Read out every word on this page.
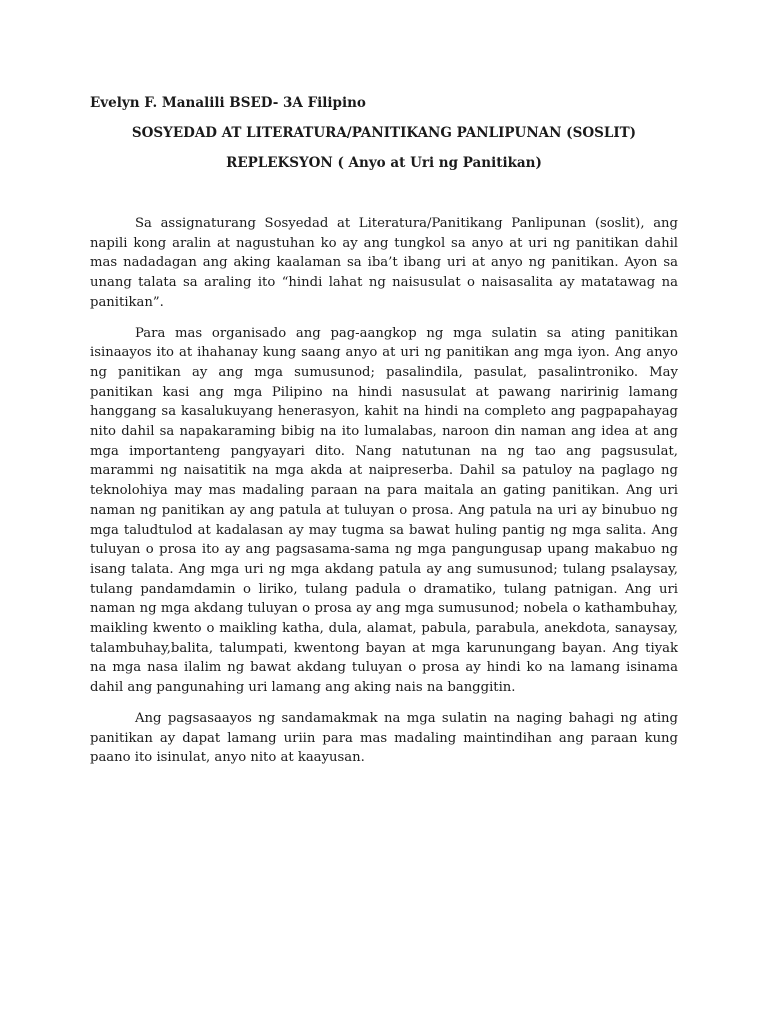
Evelyn F. Manalili BSED- 3A Filipino

SOSYEDAD AT LITERATURA/PANITIKANG PANLIPUNAN (SOSLIT)

REPLEKSYON ( Anyo at Uri ng Panitikan)

Sa assignaturang Sosyedad at Literatura/Panitikang Panlipunan (soslit), ang napili kong aralin at nagustuhan ko ay ang tungkol sa anyo at uri ng panitikan dahil mas nadadagan ang aking kaalaman sa iba’t ibang uri at anyo ng panitikan. Ayon sa unang talata sa araling ito “hindi lahat ng naisusulat o naisasalita ay matatawag na panitikan”.

Para mas organisado ang pag-aangkop ng mga sulatin sa ating panitikan isinaayos ito at ihahanay kung saang anyo at uri ng panitikan ang mga iyon. Ang anyo ng panitikan ay ang mga sumusunod; pasalindila, pasulat, pasalintroniko. May panitikan kasi ang mga Pilipino na hindi nasusulat at pawang naririnig lamang hanggang sa kasalukuyang henerasyon, kahit na hindi na completo ang pagpapahayag nito dahil sa napakaraming bibig na ito lumalabas, naroon din naman ang idea at ang mga importanteng pangyayari dito. Nang natutunan na ng tao ang pagsusulat, marammi ng naisatitik na mga akda at naipreserba. Dahil sa patuloy na paglago ng teknolohiya may mas madaling paraan na para maitala an gating panitikan. Ang uri naman ng panitikan ay ang patula at tuluyan o prosa. Ang patula na uri ay binubuo ng mga taludtulod at kadalasan ay may tugma sa bawat huling pantig ng mga salita. Ang tuluyan o prosa ito ay ang pagsasama-sama ng mga pangungusap upang makabuo ng isang talata. Ang mga uri ng mga akdang patula ay ang sumusunod; tulang psalaysay, tulang pandamdamin o liriko, tulang padula o dramatiko, tulang patnigan. Ang uri naman ng mga akdang tuluyan o prosa ay ang mga sumusunod; nobela o kathambuhay, maikling kwento o maikling katha, dula, alamat, pabula, parabula, anekdota, sanaysay, talambuhay,balita, talumpati, kwentong bayan at mga karunungang bayan. Ang tiyak na mga nasa ilalim ng bawat akdang tuluyan o prosa ay hindi ko na lamang isinama dahil ang pangunahing uri lamang ang aking nais na banggitin.

Ang pagsasaayos ng sandamakmak na mga sulatin na naging bahagi ng ating panitikan ay dapat lamang uriin para mas madaling maintindihan ang paraan kung paano ito isinulat, anyo nito at kaayusan.
